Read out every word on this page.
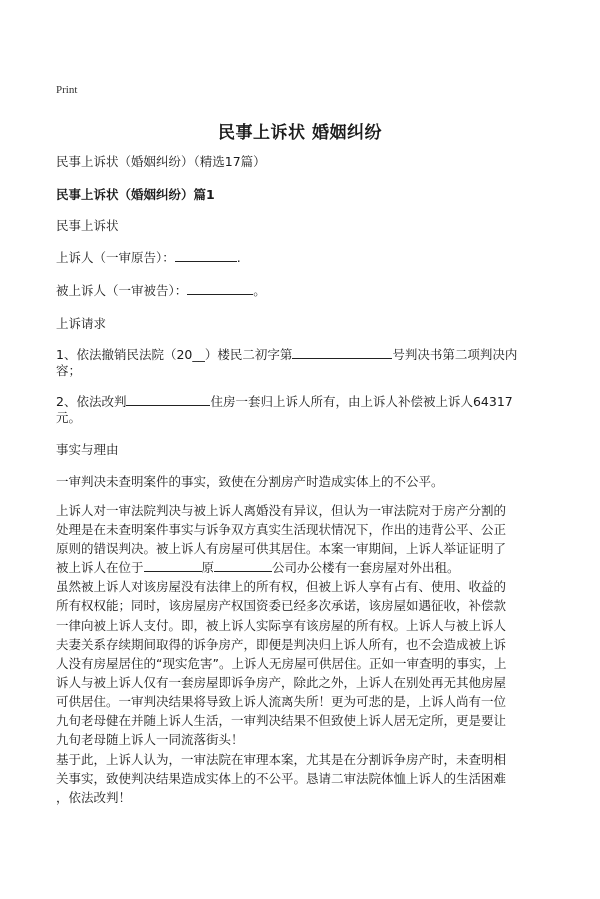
Print
民事上诉状 婚姻纠纷
民事上诉状（婚姻纠纷）（精选17篇）
民事上诉状（婚姻纠纷）篇1
民事上诉状
上诉人（一审原告）：	.
被上诉人（一审被告）：	。
上诉请求
1、依法撤销民法院（20__）楼民二初字第	号判决书第二项判决内
容；
2、依法改判	住房一套归上诉人所有，由上诉人补偿被上诉人64317
元。
事实与理由
一审判决未查明案件的事实，致使在分割房产时造成实体上的不公平。
上诉人对一审法院判决与被上诉人离婚没有异议，但认为一审法院对于房产分割的
处理是在未查明案件事实与诉争双方真实生活现状情况下，作出的违背公平、公正
原则的错误判决。被上诉人有房屋可供其居住。本案一审期间，上诉人举证证明了
被上诉人在位于	原	公司办公楼有一套房屋对外出租。
虽然被上诉人对该房屋没有法律上的所有权，但被上诉人享有占有、使用、收益的
所有权权能；同时，该房屋房产权国资委已经多次承诺，该房屋如遇征收，补偿款
一律向被上诉人支付。即，被上诉人实际享有该房屋的所有权。上诉人与被上诉人
夫妻关系存续期间取得的诉争房产，即便是判决归上诉人所有，也不会造成被上诉
人没有房屋居住的“现实危害”。上诉人无房屋可供居住。正如一审查明的事实，上
诉人与被上诉人仅有一套房屋即诉争房产，除此之外，上诉人在别处再无其他房屋
可供居住。一审判决结果将导致上诉人流离失所！更为可悲的是，上诉人尚有一位
九旬老母健在并随上诉人生活，一审判决结果不但致使上诉人居无定所，更是要让
九旬老母随上诉人一同流落街头！
基于此，上诉人认为，一审法院在审理本案，尤其是在分割诉争房产时，未查明相
关事实，致使判决结果造成实体上的不公平。恳请二审法院体恤上诉人的生活困难
，依法改判！
